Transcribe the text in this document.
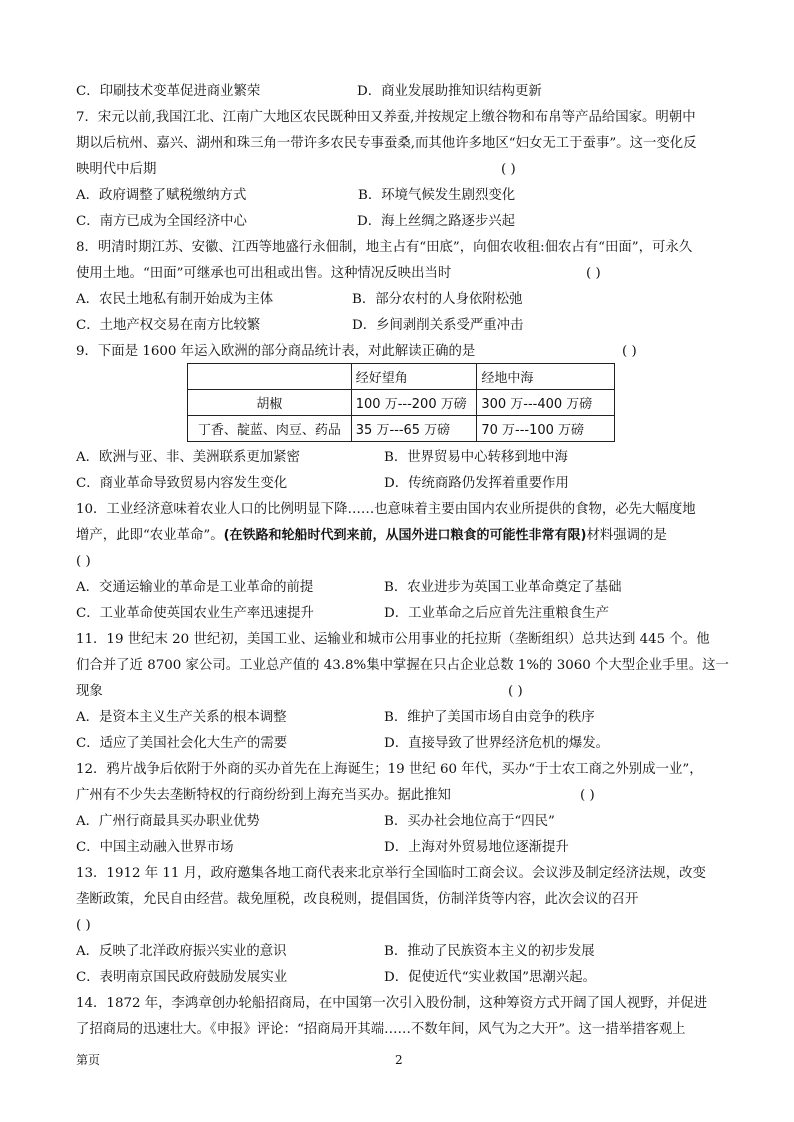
C．印刷技术变革促进商业繁荣	D．商业发展助推知识结构更新
7．宋元以前,我国江北、江南广大地区农民既种田又养蚕,并按规定上缴谷物和布帛等产品给国家。明朝中
期以后杭州、嘉兴、湖州和珠三角一带许多农民专事蚕桑,而其他许多地区“妇女无工于蚕事”。这一变化反
映明代中后期	( )
A．政府调整了赋税缴纳方式	B．环境气候发生剧烈变化
C．南方已成为全国经济中心	D．海上丝绸之路逐步兴起
8．明清时期江苏、安徽、江西等地盛行永佃制，地主占有“田底”，向佃农收租:佃农占有“田面”，可永久
使用土地。“田面”可继承也可出租或出售。这种情况反映出当时	( )
A．农民土地私有制开始成为主体	B．部分农村的人身依附松弛
C．土地产权交易在南方比较繁	D．乡间剥削关系受严重冲击
9．下面是 1600 年运入欧洲的部分商品统计表，对此解读正确的是	( )
	经好望角	经地中海
胡椒	100 万---200 万磅	300 万---400 万磅
丁香、靛蓝、肉豆、药品	35 万---65 万磅	70 万---100 万磅
A．欧洲与亚、非、美洲联系更加紧密	B．世界贸易中心转移到地中海
C．商业革命导致贸易内容发生变化	D．传统商路仍发挥着重要作用
10．工业经济意味着农业人口的比例明显下降……也意味着主要由国内农业所提供的食物，必先大幅度地
增产，此即“农业革命”。(在铁路和轮船时代到来前，从国外进口粮食的可能性非常有限)材料强调的是
( )
A．交通运输业的革命是工业革命的前提	B．农业进步为英国工业革命奠定了基础
C．工业革命使英国农业生产率迅速提升	D．工业革命之后应首先注重粮食生产
11．19 世纪末 20 世纪初，美国工业、运输业和城市公用事业的托拉斯（垄断组织）总共达到 445 个。他
们合并了近 8700 家公司。工业总产值的 43.8%集中掌握在只占企业总数 1%的 3060 个大型企业手里。这一
现象	( )
A．是资本主义生产关系的根本调整	B．维护了美国市场自由竞争的秩序
C．适应了美国社会化大生产的需要	D．直接导致了世界经济危机的爆发。
12．鸦片战争后依附于外商的买办首先在上海诞生；19 世纪 60 年代，买办“于士农工商之外别成一业”，
广州有不少失去垄断特权的行商纷纷到上海充当买办。据此推知	( )
A．广州行商最具买办职业优势	B．买办社会地位高于“四民”
C．中国主动融入世界市场	D．上海对外贸易地位逐渐提升
13．1912 年 11 月，政府邀集各地工商代表来北京举行全国临时工商会议。会议涉及制定经济法规，改变
垄断政策，允民自由经营。裁免厘税，改良税则，提倡国货，仿制洋货等内容，此次会议的召开
( )
A．反映了北洋政府振兴实业的意识	B．推动了民族资本主义的初步发展
C．表明南京国民政府鼓励发展实业	D．促使近代“实业救国”思潮兴起。
14．1872 年，李鸿章创办轮船招商局，在中国第一次引入股份制，这种筹资方式开阔了国人视野，并促进
了招商局的迅速壮大。《申报》评论：“招商局开其端……不数年间，风气为之大开”。这一措举措客观上
第页	2
